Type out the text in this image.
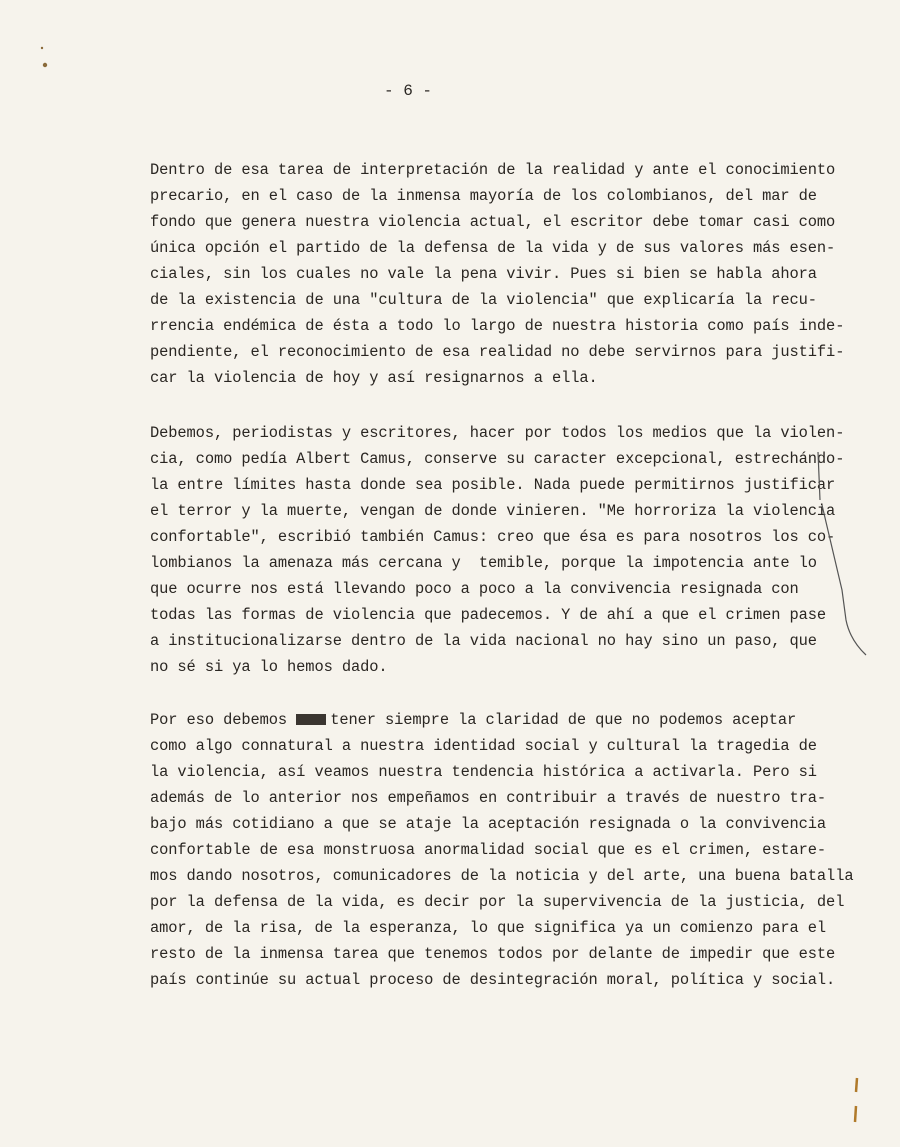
- 6 -
Dentro de esa tarea de interpretación de la realidad y ante el conocimiento
precario, en el caso de la inmensa mayoría de los colombianos, del mar de
fondo que genera nuestra violencia actual, el escritor debe tomar casi como
única opción el partido de la defensa de la vida y de sus valores más esen-
ciales, sin los cuales no vale la pena vivir. Pues si bien se habla ahora
de la existencia de una "cultura de la violencia" que explicaría la recu-
rrencia endémica de ésta a todo lo largo de nuestra historia como país inde-
pendiente, el reconocimiento de esa realidad no debe servirnos para justifi-
car la violencia de hoy y así resignarnos a ella.
Debemos, periodistas y escritores, hacer por todos los medios que la violen-
cia, como pedía Albert Camus, conserve su caracter excepcional, estrechándo-
la entre límites hasta donde sea posible. Nada puede permitirnos justificar
el terror y la muerte, vengan de donde vinieren. "Me horroriza la violencia
confortable", escribió también Camus: creo que ésa es para nosotros los co-
lombianos la amenaza más cercana y  temible, porque la impotencia ante lo
que ocurre nos está llevando poco a poco a la convivencia resignada con
todas las formas de violencia que padecemos. Y de ahí a que el crimen pase
a institucionalizarse dentro de la vida nacional no hay sino un paso, que
no sé si ya lo hemos dado.
Por eso debemos tener siempre la claridad de que no podemos aceptar
como algo connatural a nuestra identidad social y cultural la tragedia de
la violencia, así veamos nuestra tendencia histórica a activarla. Pero si
además de lo anterior nos empeñamos en contribuir a través de nuestro tra-
bajo más cotidiano a que se ataje la aceptación resignada o la convivencia
confortable de esa monstruosa anormalidad social que es el crimen, estare-
mos dando nosotros, comunicadores de la noticia y del arte, una buena batalla
por la defensa de la vida, es decir por la supervivencia de la justicia, del
amor, de la risa, de la esperanza, lo que significa ya un comienzo para el
resto de la inmensa tarea que tenemos todos por delante de impedir que este
país continúe su actual proceso de desintegración moral, política y social.
